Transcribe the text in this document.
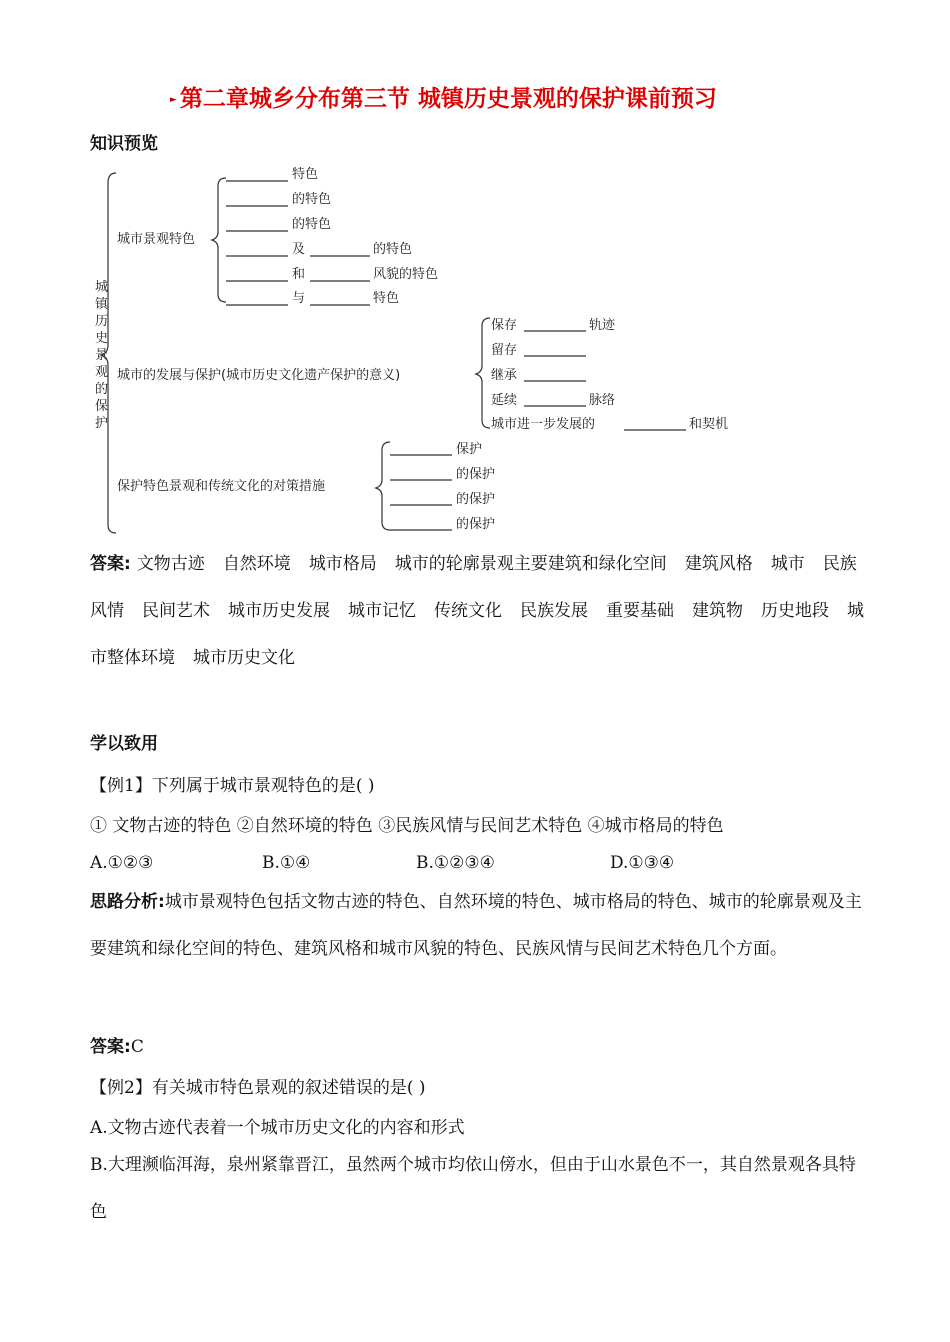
► 第二章城乡分布第三节 城镇历史景观的保护课前预习
知识预览
城
镇
历
史
景
观
的
保
护
城市景观特色
特色
的特色
的特色
及	的特色
和	风貌的特色
与	特色
城市的发展与保护(城市历史文化遗产保护的意义)
保存	轨迹
留存
继承
延续	脉络
城市进一步发展的	和契机
保护特色景观和传统文化的对策措施
保护
的保护
的保护
的保护
答案: 文物古迹 自然环境 城市格局 城市的轮廓景观主要建筑和绿化空间 建筑风格 城市 民族风情 民间艺术 城市历史发展 城市记忆 传统文化 民族发展 重要基础 建筑物 历史地段 城市整体环境 城市历史文化
学以致用
【例1】下列属于城市景观特色的是( )
① 文物古迹的特色 ②自然环境的特色 ③民族风情与民间艺术特色 ④城市格局的特色
A.①②③	B.①④	B.①②③④	D.①③④
思路分析:城市景观特色包括文物古迹的特色、自然环境的特色、城市格局的特色、城市的轮廓景观及主要建筑和绿化空间的特色、建筑风格和城市风貌的特色、民族风情与民间艺术特色几个方面。
答案:C
【例2】有关城市特色景观的叙述错误的是( )
A.文物古迹代表着一个城市历史文化的内容和形式
B.大理濒临洱海，泉州紧靠晋江，虽然两个城市均依山傍水，但由于山水景色不一，其自然景观各具特色
